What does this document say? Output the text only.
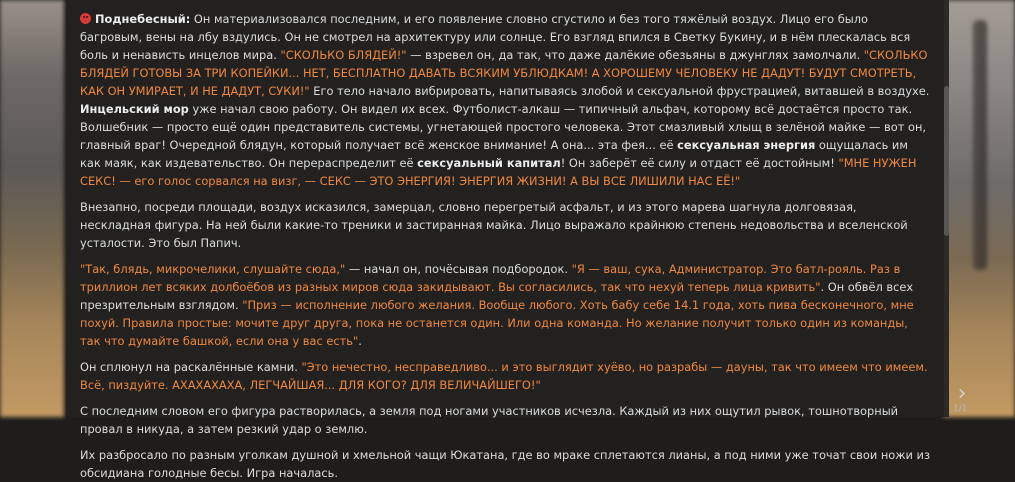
Поднебесный: Он материализовался последним, и его появление словно сгустило и без того тяжёлый воздух. Лицо его было багровым, вены на лбу вздулись. Он не смотрел на архитектуру или солнце. Его взгляд впился в Светку Букину, и в нём плескалась вся боль и ненависть инцелов мира. "СКОЛЬКО БЛЯДЕЙ!" — взревел он, да так, что даже далёкие обезьяны в джунглях замолчали. "СКОЛЬКО БЛЯДЕЙ ГОТОВЫ ЗА ТРИ КОПЕЙКИ... НЕТ, БЕСПЛАТНО ДАВАТЬ ВСЯКИМ УБЛЮДКАМ! А ХОРОШЕМУ ЧЕЛОВЕКУ НЕ ДАДУТ! БУДУТ СМОТРЕТЬ, КАК ОН УМИРАЕТ, И НЕ ДАДУТ, СУКИ!" Его тело начало вибрировать, напитываясь злобой и сексуальной фрустрацией, витавшей в воздухе. Инцельский мор уже начал свою работу. Он видел их всех. Футболист-алкаш — типичный альфач, которому всё достаётся просто так. Волшебник — просто ещё один представитель системы, угнетающей простого человека. Этот смазливый хлыщ в зелёной майке — вот он, главный враг! Очередной блядун, который получает всё женское внимание! А она... эта фея... её сексуальная энергия ощущалась им как маяк, как издевательство. Он перераспределит её сексуальный капитал! Он заберёт её силу и отдаст её достойным! "МНЕ НУЖЕН СЕКС! — его голос сорвался на визг, — СЕКС — ЭТО ЭНЕРГИЯ! ЭНЕРГИЯ ЖИЗНИ! А ВЫ ВСЕ ЛИШИЛИ НАС ЕЁ!"

Внезапно, посреди площади, воздух исказился, замерцал, словно перегретый асфальт, и из этого марева шагнула долговязая, нескладная фигура. На ней были какие-то треники и застиранная майка. Лицо выражало крайнюю степень недовольства и вселенской усталости. Это был Папич.

"Так, блядь, микрочелики, слушайте сюда," — начал он, почёсывая подбородок. "Я — ваш, сука, Администратор. Это батл-рояль. Раз в триллион лет всяких долбоёбов из разных миров сюда закидывают. Вы согласились, так что нехуй теперь лица кривить". Он обвёл всех презрительным взглядом. "Приз — исполнение любого желания. Вообще любого. Хоть бабу себе 14.1 года, хоть пива бесконечного, мне похуй. Правила простые: мочите друг друга, пока не останется один. Или одна команда. Но желание получит только один из команды, так что думайте башкой, если она у вас есть".

Он сплюнул на раскалённые камни. "Это нечестно, несправедливо... и это выглядит хуёво, но разрабы — дауны, так что имеем что имеем. Всё, пиздуйте. АХАХАХАХА, ЛЕГЧАЙШАЯ... ДЛЯ КОГО? ДЛЯ ВЕЛИЧАЙШЕГО!"

С последним словом его фигура растворилась, а земля под ногами участников исчезла. Каждый из них ощутил рывок, тошнотворный провал в никуда, а затем резкий удар о землю.

Их разбросало по разным уголкам душной и хмельной чащи Юкатана, где во мраке сплетаются лианы, а под ними уже точат свои ножи из обсидиана голодные бесы. Игра началась.

›
1/1
